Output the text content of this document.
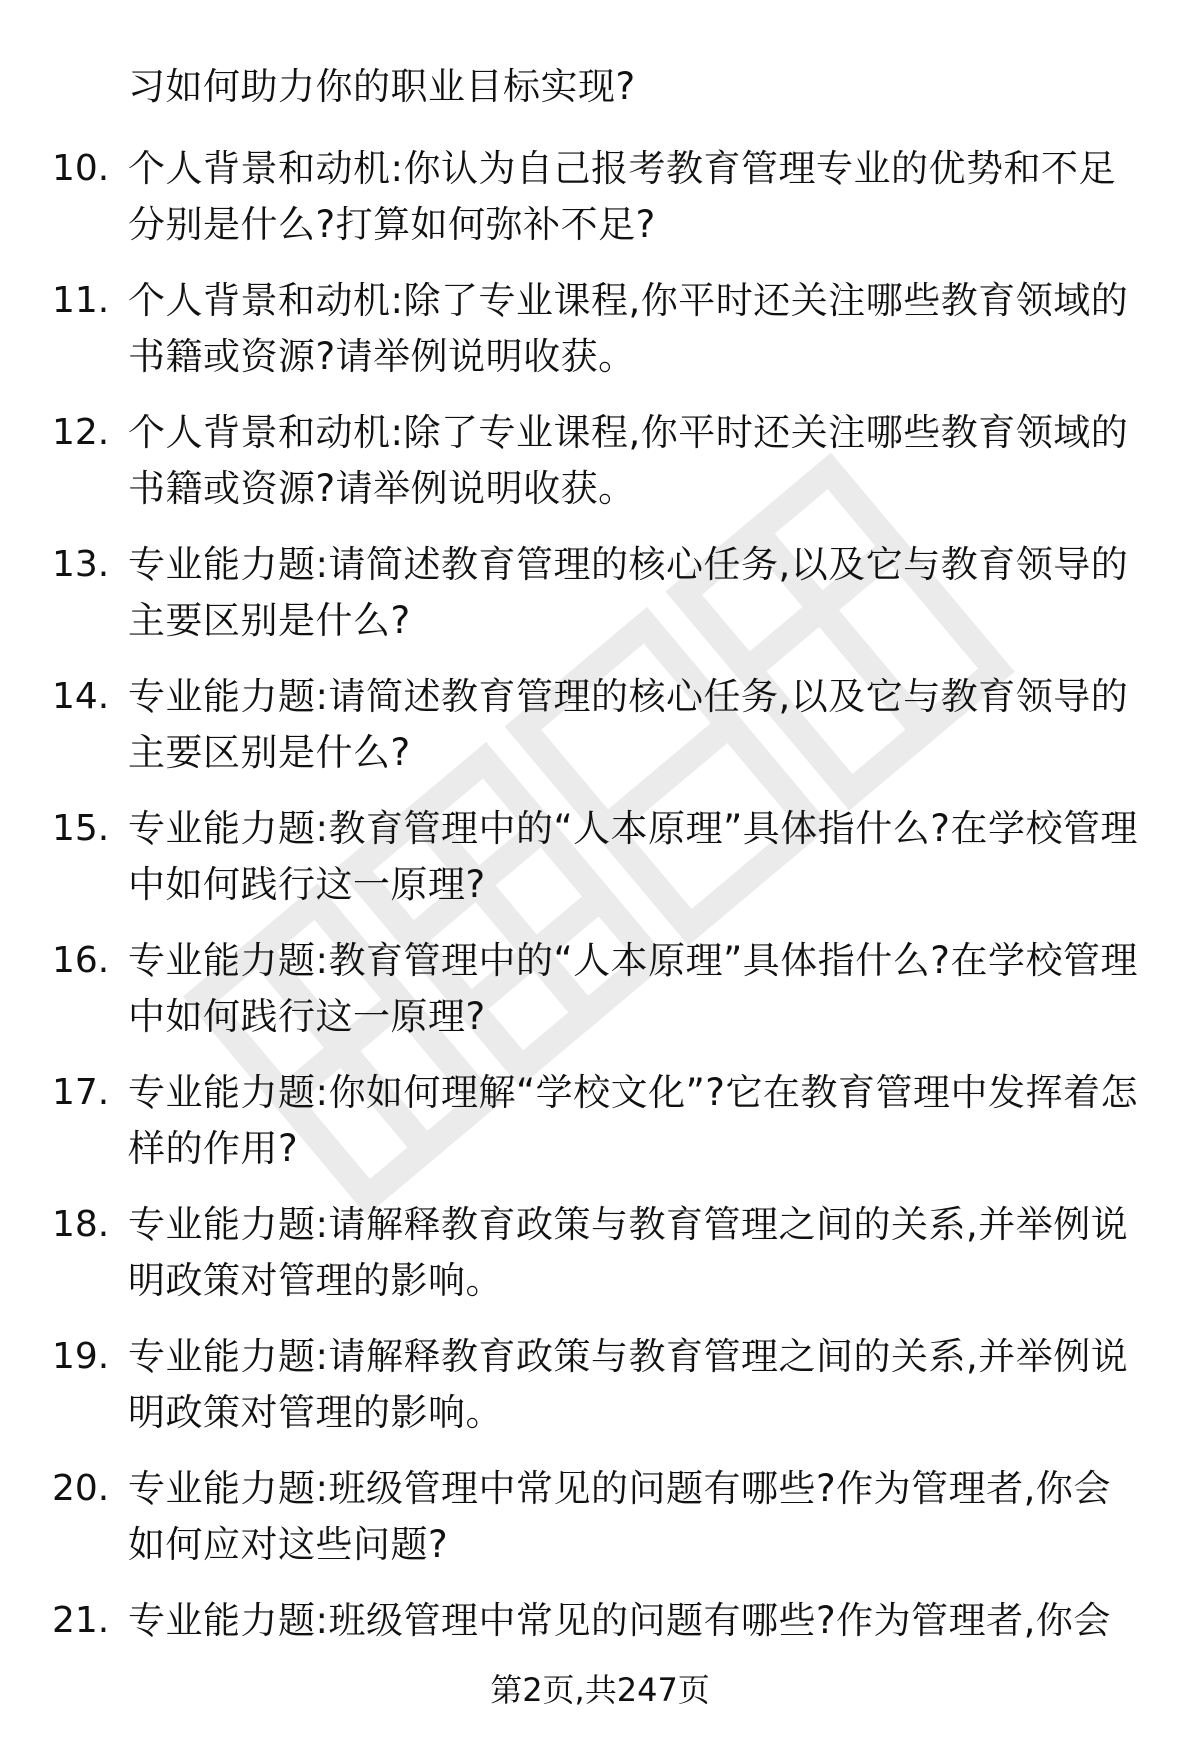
习如何助力你的职业目标实现?
10. 个人背景和动机:你认为自己报考教育管理专业的优势和不足分别是什么?打算如何弥补不足?
11. 个人背景和动机:除了专业课程,你平时还关注哪些教育领域的书籍或资源?请举例说明收获。
12. 个人背景和动机:除了专业课程,你平时还关注哪些教育领域的书籍或资源?请举例说明收获。
13. 专业能力题:请简述教育管理的核心任务,以及它与教育领导的主要区别是什么?
14. 专业能力题:请简述教育管理的核心任务,以及它与教育领导的主要区别是什么?
15. 专业能力题:教育管理中的“人本原理”具体指什么?在学校管理中如何践行这一原理?
16. 专业能力题:教育管理中的“人本原理”具体指什么?在学校管理中如何践行这一原理?
17. 专业能力题:你如何理解“学校文化”?它在教育管理中发挥着怎样的作用?
18. 专业能力题:请解释教育政策与教育管理之间的关系,并举例说明政策对管理的影响。
19. 专业能力题:请解释教育政策与教育管理之间的关系,并举例说明政策对管理的影响。
20. 专业能力题:班级管理中常见的问题有哪些?作为管理者,你会如何应对这些问题?
21. 专业能力题:班级管理中常见的问题有哪些?作为管理者,你会
第2页,共247页
